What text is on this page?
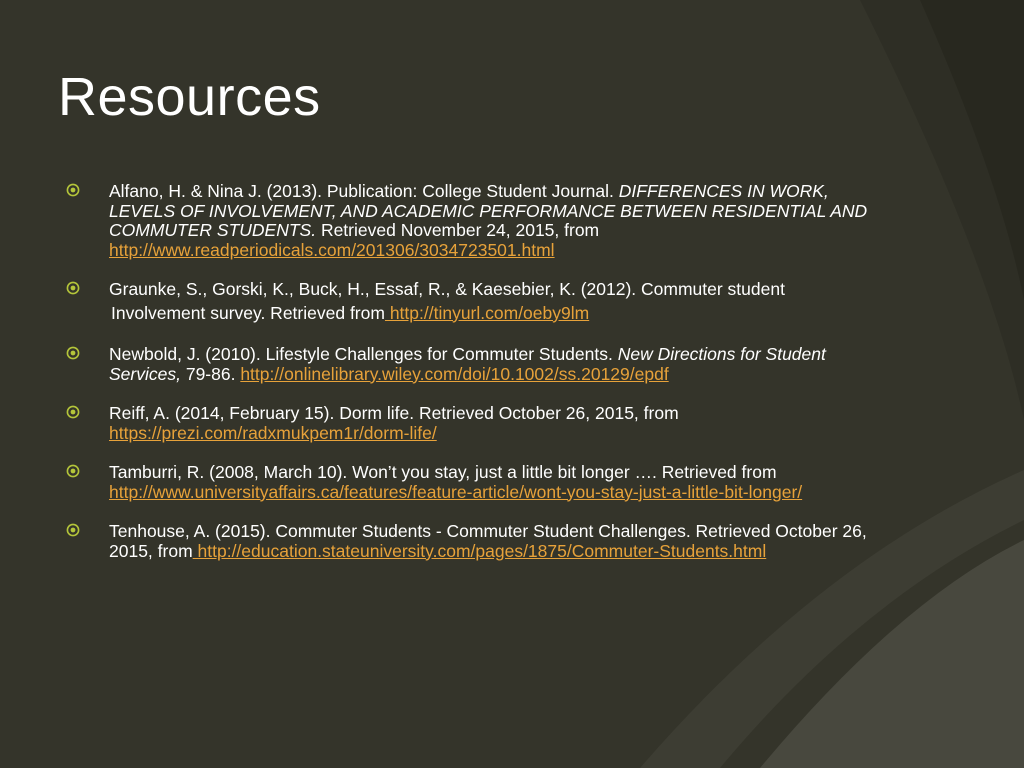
Resources
Alfano, H. & Nina J. (2013). Publication: College Student Journal. DIFFERENCES IN WORK, LEVELS OF INVOLVEMENT, AND ACADEMIC PERFORMANCE BETWEEN RESIDENTIAL AND COMMUTER STUDENTS. Retrieved November 24, 2015, from http://www.readperiodicals.com/201306/3034723501.html
Graunke, S., Gorski, K., Buck, H., Essaf, R., & Kaesebier, K. (2012). Commuter student
Involvement survey. Retrieved from http://tinyurl.com/oeby9lm
Newbold, J. (2010). Lifestyle Challenges for Commuter Students. New Directions for Student Services, 79-86. http://onlinelibrary.wiley.com/doi/10.1002/ss.20129/epdf
Reiff, A. (2014, February 15). Dorm life. Retrieved October 26, 2015, from https://prezi.com/radxmukpem1r/dorm-life/
Tamburri, R. (2008, March 10). Won’t you stay, just a little bit longer …. Retrieved from http://www.universityaffairs.ca/features/feature-article/wont-you-stay-just-a-little-bit-longer/
Tenhouse, A. (2015). Commuter Students - Commuter Student Challenges. Retrieved October 26, 2015, from http://education.stateuniversity.com/pages/1875/Commuter-Students.html
